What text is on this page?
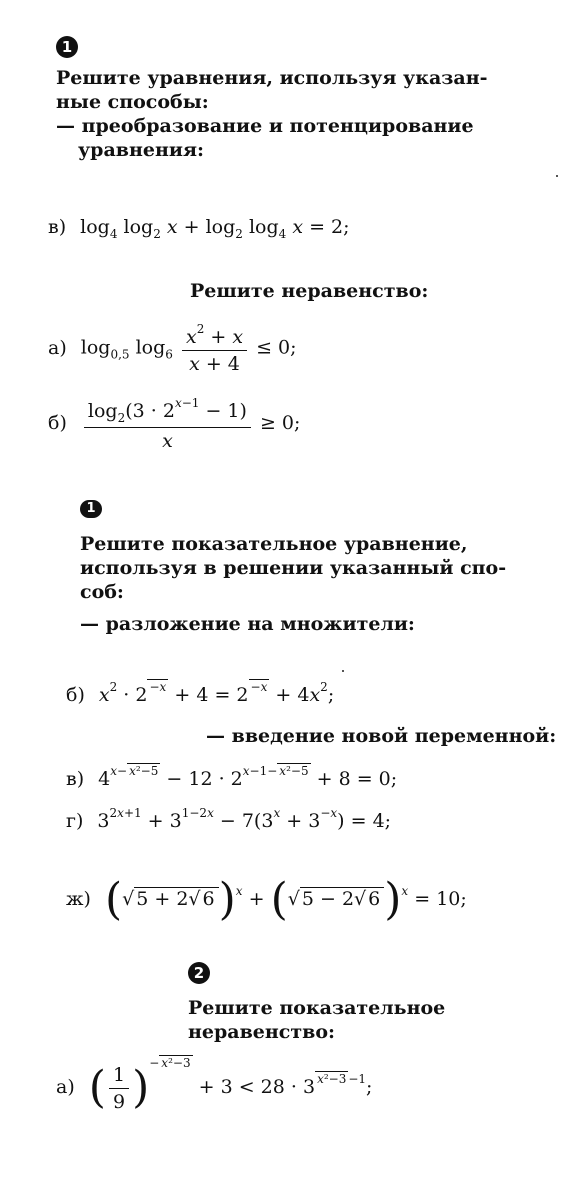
1
Решите уравнения, используя указан-
ные способы:
— преобразование и потенцирование
уравнения:
в) $\log_4 \log_2 x + \log_2 \log_4 x = 2$;
Решите неравенство:
а) $\log_{0,5} \log_6 \frac{x^2 + x}{x + 4} \le 0$;
$б) \frac{\log_2(3 \cdot 2^{x-1} - 1)}{x} \ge 0$;
1
Решите показательное уравнение,
используя в решении указанный спо-
соб:
— разложение на множители:
б) $x^2 \cdot 2$ $^{-x}$ + 4 = 2 $^{-x} + 4x^2$;
— введение новой переменной:
в) $4^{x- x^2-5} - 12 \cdot 2^{x-1- x^2-5} + 8 = 0$;
г) $3^{2x+1} + 3^{1-2x} - 7(3^x + 3^{-x}) = 4$;
ж) (√ 5 + 2√ 6)$^x$ + (√ 5 − 2√ 6)$^x$ = 10;
2
Решите показательное
неравенство:
а) ( $\frac{1}{9} )^{- x^2-3} + 3 < 28 \cdot 3$ $^{x^2-3 -1}$;
